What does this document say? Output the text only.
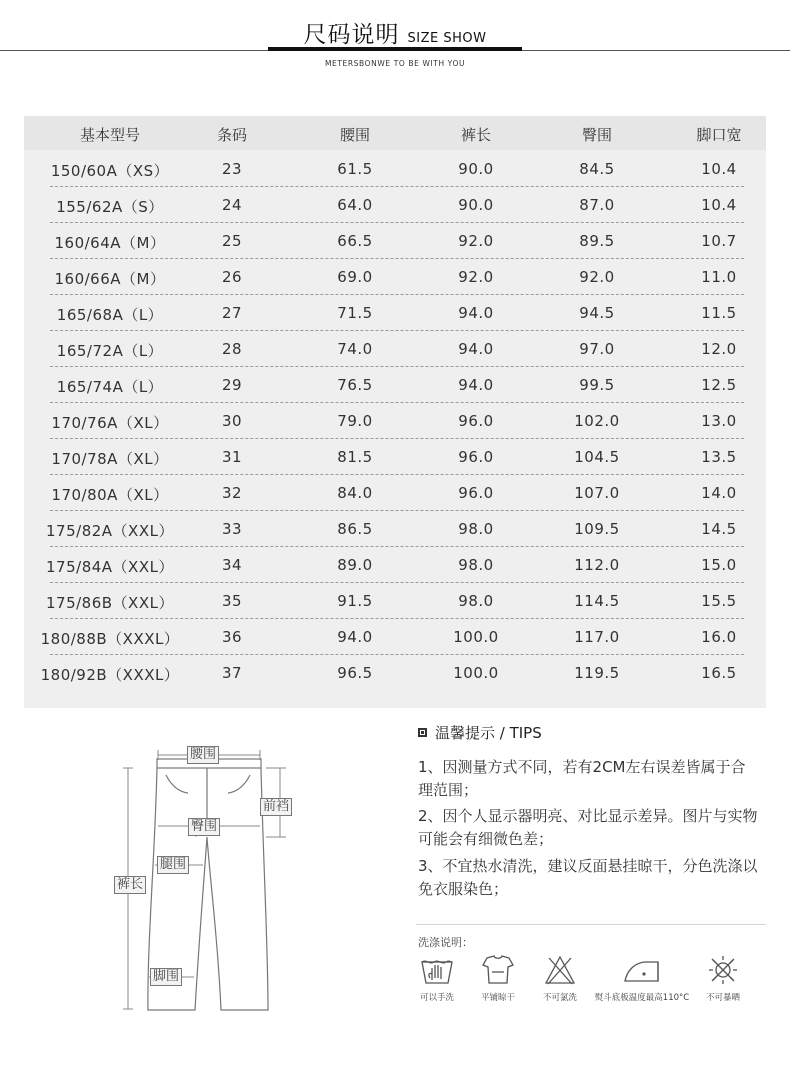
尺码说明 SIZE SHOW
METERSBONWE TO BE WITH YOU
基本型号	条码	腰围	裤长	臀围	脚口宽
150/60A（XS）	23	61.5	90.0	84.5	10.4
155/62A（S）	24	64.0	90.0	87.0	10.4
160/64A（M）	25	66.5	92.0	89.5	10.7
160/66A（M）	26	69.0	92.0	92.0	11.0
165/68A（L）	27	71.5	94.0	94.5	11.5
165/72A（L）	28	74.0	94.0	97.0	12.0
165/74A（L）	29	76.5	94.0	99.5	12.5
170/76A（XL）	30	79.0	96.0	102.0	13.0
170/78A（XL）	31	81.5	96.0	104.5	13.5
170/80A（XL）	32	84.0	96.0	107.0	14.0
175/82A（XXL）	33	86.5	98.0	109.5	14.5
175/84A（XXL）	34	89.0	98.0	112.0	15.0
175/86B（XXL）	35	91.5	98.0	114.5	15.5
180/88B（XXXL）	36	94.0	100.0	117.0	16.0
180/92B（XXXL）	37	96.5	100.0	119.5	16.5
腰围
前裆
臀围
腿围
裤长
脚围
温馨提示 / TIPS
1、因测量方式不同，若有2CM左右误差皆属于合理范围；
2、因个人显示器明亮、对比显示差异。图片与实物可能会有细微色差；
3、不宜热水清洗，建议反面悬挂晾干，分色洗涤以免衣服染色；
洗涤说明：
可以手洗	平铺晾干	不可氯洗	熨斗底板温度最高110°C	不可暴晒
